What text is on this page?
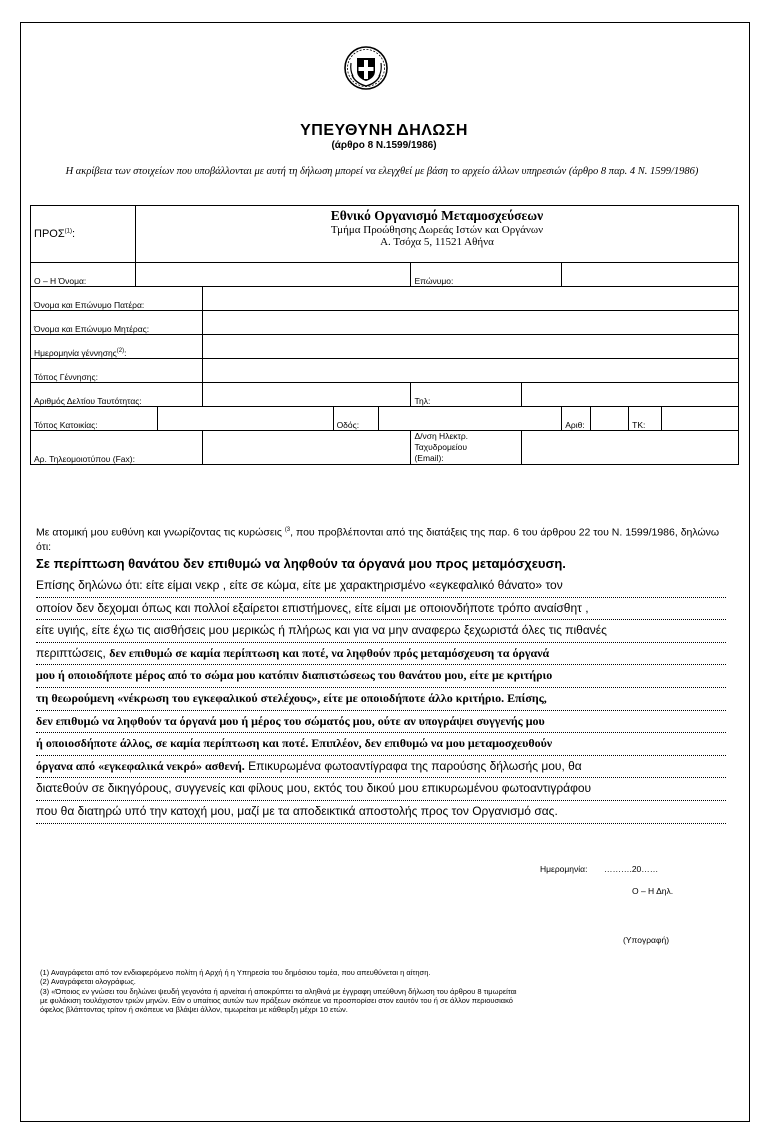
ΥΠΕΥΘΥΝΗ ΔΗΛΩΣΗ
(άρθρο 8 Ν.1599/1986)
Η ακρίβεια των στοιχείων που υποβάλλονται με αυτή τη δήλωση μπορεί να ελεγχθεί με βάση το αρχείο άλλων υπηρεσιών (άρθρο 8 παρ. 4 Ν. 1599/1986)
ΠΡΟΣ$^{(1)}$:	Εθνικό Οργανισμό Μεταμοσχεύσεων
Τμήμα Προώθησης Δωρεάς Ιστών και Οργάνων
Α. Τσόχα 5, 11521 Αθήνα										

Ο – Η Όνομα:						Επώνυμο:					
Όνομα και Επώνυμο Πατέρα:											
Όνομα και Επώνυμο Μητέρας:											
Ημερομηνία γέννησης$^{(2)}$:											
Τόπος Γέννησης:											
Αριθμός Δελτίου Ταυτότητας:						Τηλ:					
Τόπος Κατοικίας:				Οδός:				Αριθ:		ΤΚ:	
Αρ. Τηλεομοιοτύπου (Fax):						Δ/νση Ηλεκτρ.
Ταχυδρομείου
(Email):					

Με ατομική μου ευθύνη και γνωρίζοντας τις κυρώσεις $^{(3}$, που προβλέπονται από της διατάξεις της παρ. 6 του άρθρου 22 του Ν. 1599/1986, δηλώνω ότι:
Σε περίπτωση θανάτου δεν επιθυμώ να ληφθούν τα όργανά μου προς μεταμόσχευση.
Επίσης δηλώνω ότι: είτε είμαι νεκρ , είτε σε κώμα, είτε με χαρακτηρισμένο «εγκεφαλικό θάνατο» τον
οποίον δεν δεχομαι όπως και πολλοί εξαίρετοι επιστήμονες, είτε είμαι με οποιονδήποτε τρόπο αναίσθητ ,
είτε υγιής, είτε έχω τις αισθήσεις μου μερικώς ή πλήρως και για να μην αναφερω ξεχωριστά όλες τις πιθανές
περιπτώσεις, δεν επιθυμώ σε καμία περίπτωση και ποτέ, να ληφθούν πρός μεταμόσχευση τα όργανά
μου ή οποιοδήποτε μέρος από το σώμα μου κατόπιν διαπιστώσεως του θανάτου μου, είτε με κριτήριο
τη θεωρούμενη «νέκρωση του εγκεφαλικού στελέχους», είτε με οποιοδήποτε άλλο κριτήριο. Επίσης,
δεν επιθυμώ να ληφθούν τα όργανά μου ή μέρος του σώματός μου, ούτε αν υπογράψει συγγενής μου
ή οποιοσδήποτε άλλος, σε καμία περίπτωση και ποτέ. Επιπλέον, δεν επιθυμώ να μου μεταμοσχευθούν
όργανα από «εγκεφαλικά νεκρό» ασθενή. Επικυρωμένα φωτοαντίγραφα της παρούσης δήλωσής μου, θα
διατεθούν σε δικηγόρους, συγγενείς και φίλους μου, εκτός του δικού μου επικυρωμένου φωτοαντιγράφου
που θα διατηρώ υπό την κατοχή μου, μαζί με τα αποδεικτικά αποστολής προς τον Οργανισμό σας.
Ημερομηνία: ……….20……
Ο – Η Δηλ.
(Υπογραφή)
(1) Αναγράφεται από τον ενδιαφερόμενο πολίτη ή Αρχή ή η Υπηρεσία του δημόσιου τομέα, που απευθύνεται η αίτηση.
(2) Αναγράφεται ολογράφως.
(3) «Όποιος εν γνώσει του δηλώνει ψευδή γεγονότα ή αρνείται ή αποκρύπτει τα αληθινά με έγγραφη υπεύθυνη δήλωση του άρθρου 8 τιμωρείται
με φυλάκιση τουλάχιστον τριών μηνών. Εάν ο υπαίτιος αυτών των πράξεων σκόπευε να προσπορίσει στον εαυτόν του ή σε άλλον περιουσιακό
όφελος βλάπτοντας τρίτον ή σκόπευε να βλάψει άλλον, τιμωρείται με κάθειρξη μέχρι 10 ετών.
